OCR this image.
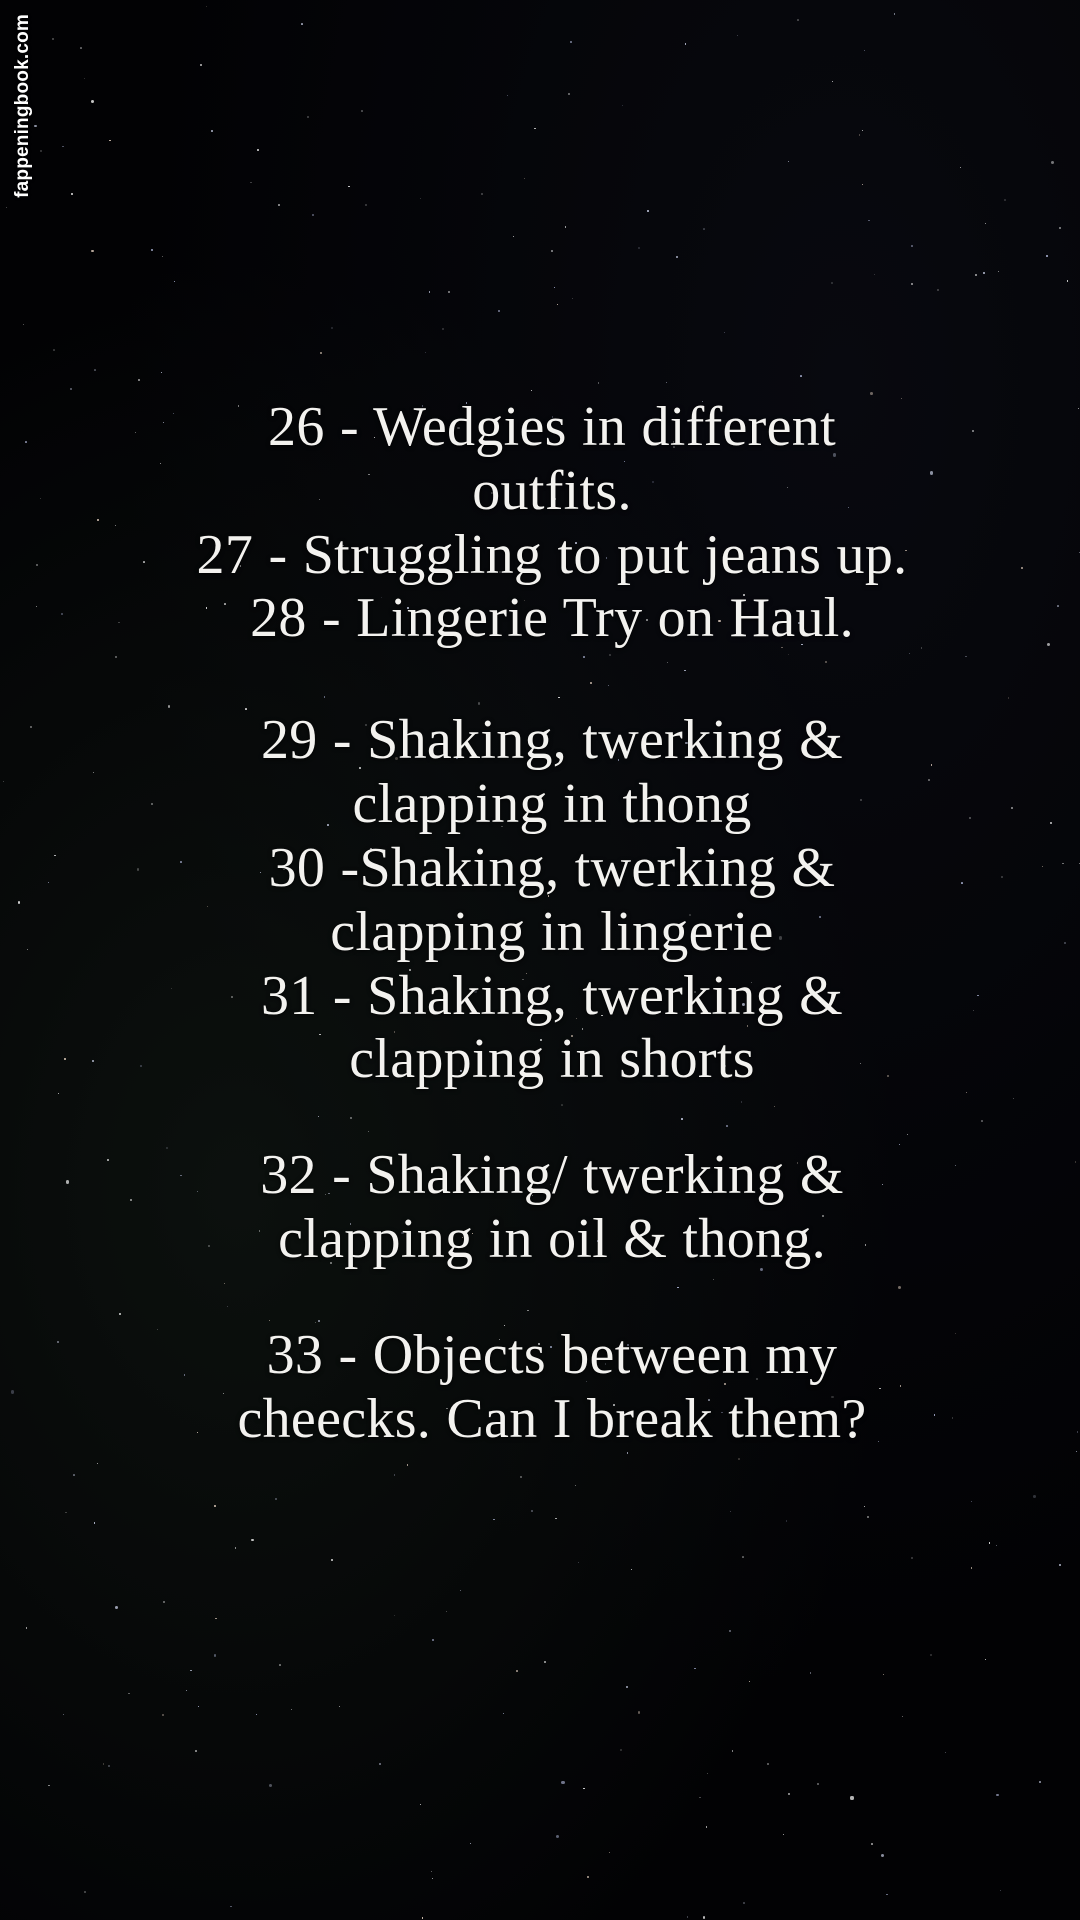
fappeningbook.com
26 - Wedgies in different
outfits.
27 - Struggling to put jeans up.
28 - Lingerie Try on Haul.
29 - Shaking, twerking &
clapping in thong
30 -Shaking, twerking &
clapping in lingerie
31 - Shaking, twerking &
clapping in shorts
32 - Shaking/ twerking &
clapping in oil & thong.
33 - Objects between my
cheecks. Can I break them?
